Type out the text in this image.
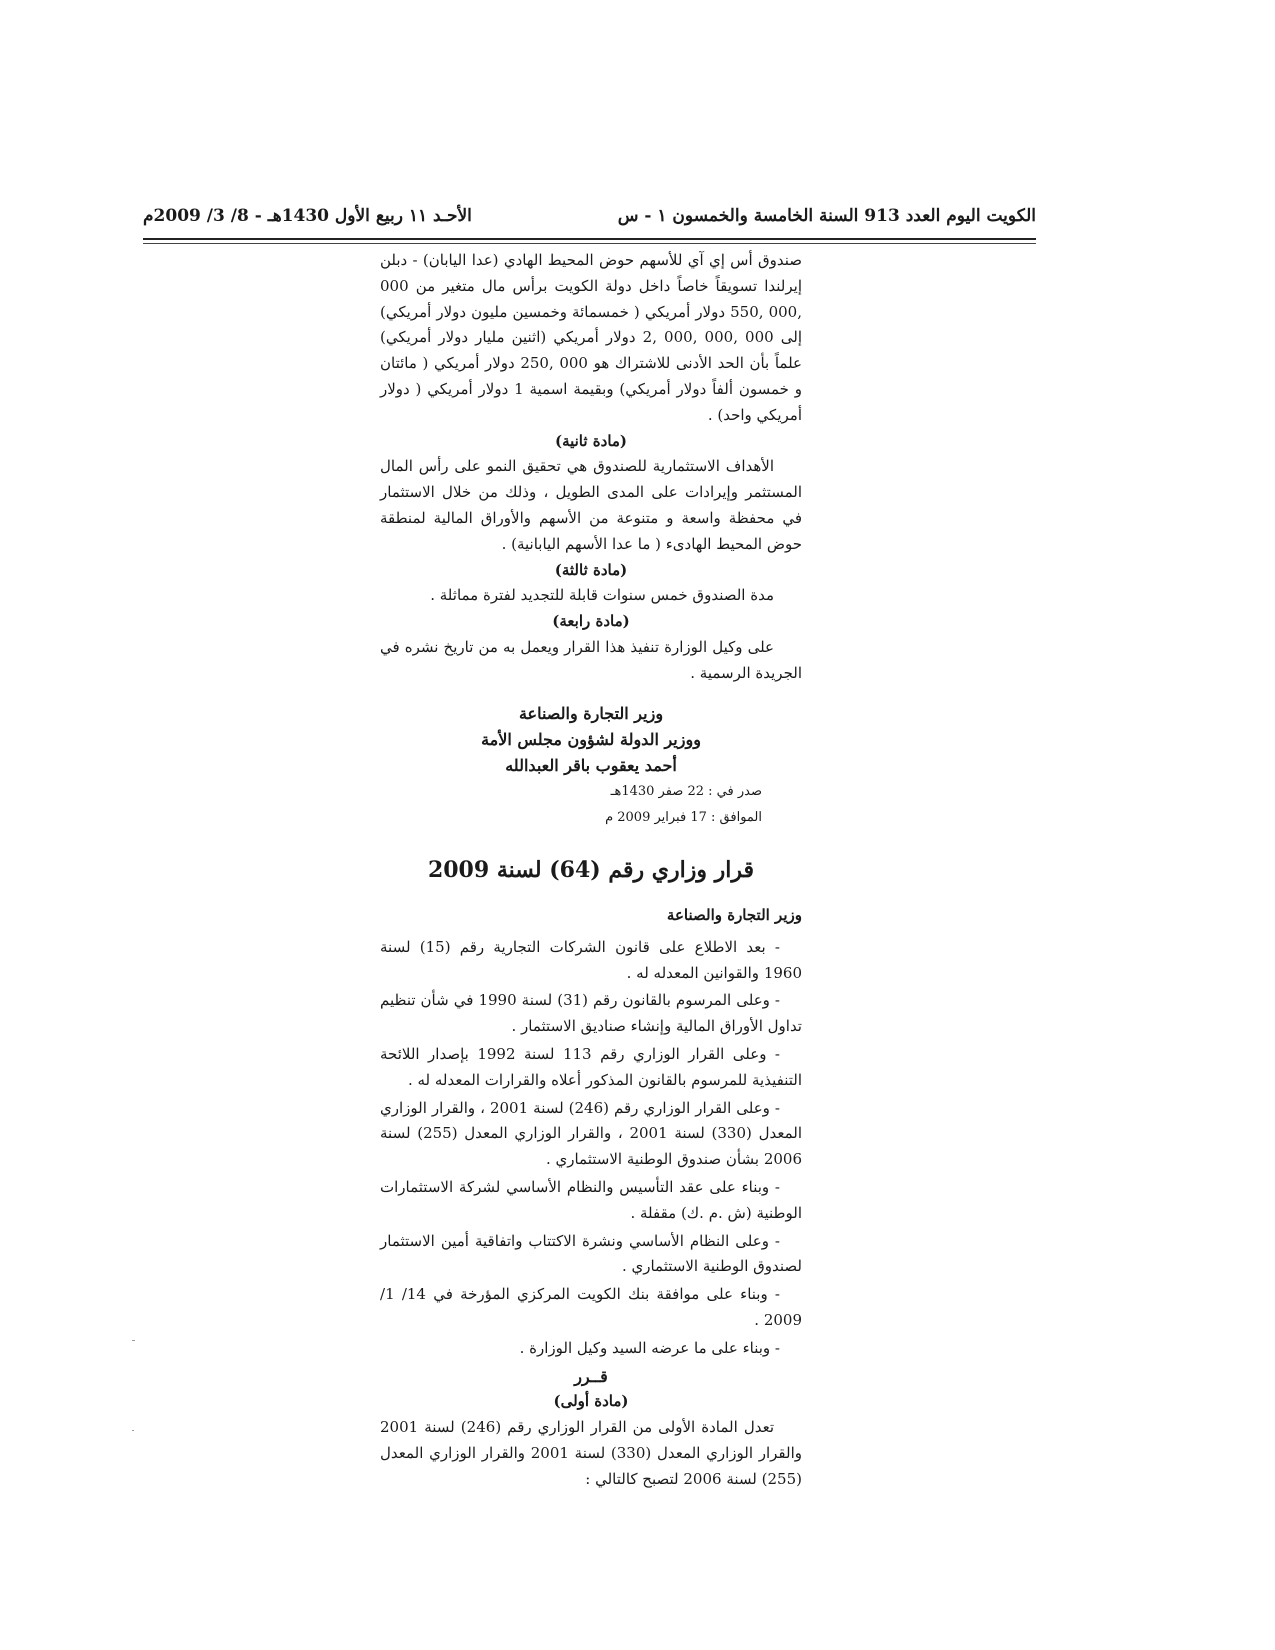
الكويت اليوم العدد 913 السنة الخامسة والخمسون ١ - س
الأحـد ١١ ربيع الأول 1430هـ - 8/ 3/ 2009م

صندوق أس إي آي للأسهم حوض المحيط الهادي (عدا اليابان) - دبلن إيرلندا تسويقاً خاصاً داخل دولة الكويت برأس مال متغير من 000 ,000 ,550 دولار أمريكي ( خمسمائة وخمسين مليون دولار أمريكي) إلى 000 ,000 ,000 ,2 دولار أمريكي (اثنين مليار دولار أمريكي) علماً بأن الحد الأدنى للاشتراك هو 000 ,250 دولار أمريكي ( مائتان و خمسون ألفاً دولار أمريكي) وبقيمة اسمية 1 دولار أمريكي ( دولار أمريكي واحد) .

(مادة ثانية)

الأهداف الاستثمارية للصندوق هي تحقيق النمو على رأس المال المستثمر وإيرادات على المدى الطويل ، وذلك من خلال الاستثمار في محفظة واسعة و متنوعة من الأسهم والأوراق المالية لمنطقة حوض المحيط الهادىء ( ما عدا الأسهم اليابانية) .

(مادة ثالثة)

مدة الصندوق خمس سنوات قابلة للتجديد لفترة مماثلة .

(مادة رابعة)

على وكيل الوزارة تنفيذ هذا القرار ويعمل به من تاريخ نشره في الجريدة الرسمية .

وزير التجارة والصناعة
ووزير الدولة لشؤون مجلس الأمة
أحمد يعقوب باقر العبدالله
صدر في : 22 صفر 1430هـ
الموافق : 17 فبراير 2009 م
قرار وزاري رقم (64) لسنة 2009
وزير التجارة والصناعة

- بعد الاطلاع على قانون الشركات التجارية رقم (15) لسنة 1960 والقوانين المعدله له .

- وعلى المرسوم بالقانون رقم (31) لسنة 1990 في شأن تنظيم تداول الأوراق المالية وإنشاء صناديق الاستثمار .

- وعلى القرار الوزاري رقم 113 لسنة 1992 بإصدار اللائحة التنفيذية للمرسوم بالقانون المذكور أعلاه والقرارات المعدله له .

- وعلى القرار الوزاري رقم (246) لسنة 2001 ، والقرار الوزاري المعدل (330) لسنة 2001 ، والقرار الوزاري المعدل (255) لسنة 2006 بشأن صندوق الوطنية الاستثماري .

- وبناء على عقد التأسيس والنظام الأساسي لشركة الاستثمارات الوطنية (ش .م .ك) مقفلة .

- وعلى النظام الأساسي ونشرة الاكتتاب واتفاقية أمين الاستثمار لصندوق الوطنية الاستثماري .

- وبناء على موافقة بنك الكويت المركزي المؤرخة في 14/ 1/ 2009 .

- وبناء على ما عرضه السيد وكيل الوزارة .

قــرر

(مادة أولى)

تعدل المادة الأولى من القرار الوزاري رقم (246) لسنة 2001 والقرار الوزاري المعدل (330) لسنة 2001 والقرار الوزاري المعدل (255) لسنة 2006 لتصبح كالتالي :
